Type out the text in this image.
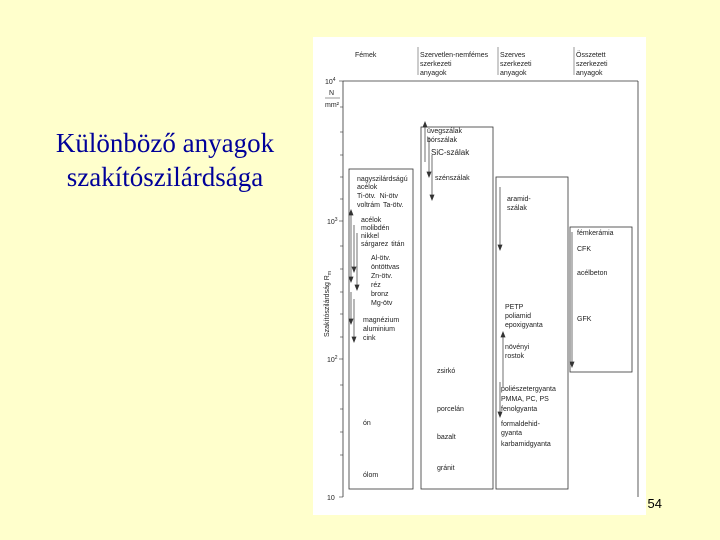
Különböző anyagok
szakítószilárdsága
Fémek	Szervetlen-nemfémes szerkezeti anyagok
Szerves szerkezeti anyagok
Összetett szerkezeti anyagok
$10^4$
N
mm²
$10^3$
$10^2$
10
Szakítószilárdság $R_m$
nagyszilárdságú
acélok
Ti-ötv. Ni-ötv
voltrám Ta-ötv.
acélok
molibdén
nikkel
sárgarez titán
Al-ötv.
öntöttvas
Zn-ötv.
réz
bronz
Mg-ötv
magnézium
aluminium
cink
ón
ólom
üvegszálak
bórszálak
SiC-szálak
szénszálak
zsirkó
porcelán
bazalt
gránit
aramid-
szálak
PETP
poliamid
epoxigyanta
növényi
rostok
poliészetergyanta
PMMA, PC, PS
fenolgyanta
formaldehid-
gyanta
karbamidgyanta
fémkerámia
CFK
acélbeton
GFK
54
